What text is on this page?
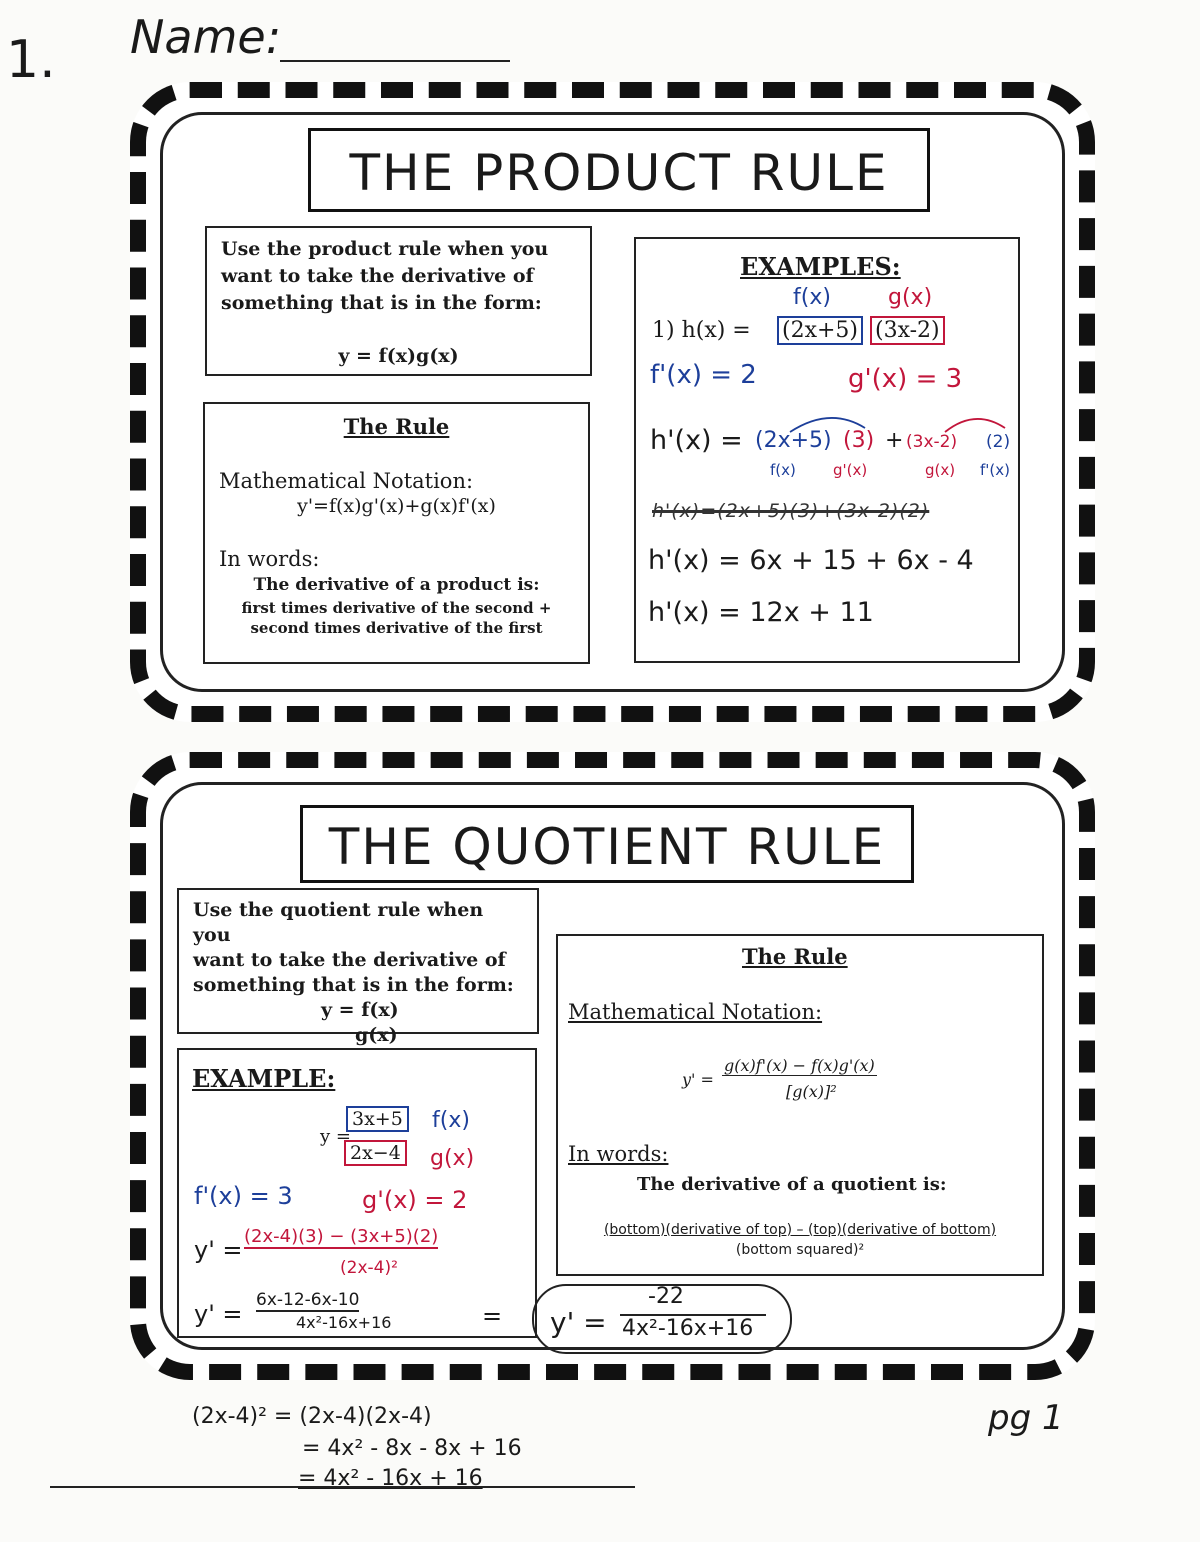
1. Name:
pg 1
THE PRODUCT RULE
Use the product rule when you
want to take the derivative of
something that is in the form:
y = f(x)g(x)
The Rule
Mathematical Notation:
y'=f(x)g'(x)+g(x)f'(x)
In words:
The derivative of a product is:
first times derivative of the second +
second times derivative of the first
EXAMPLES:
f(x)	g(x)
1) h(x) = (2x+5) (3x-2)
f'(x) = 2	g'(x) = 3
h'(x) = (2x+5) (3) + (3x-2) (2)
f(x) g'(x)	g(x) f'(x)
h'(x)=(2x+5)(3)+(3x-2)(2)
h'(x) = 6x + 15 + 6x - 4
h'(x) = 12x + 11
THE QUOTIENT RULE
Use the quotient rule when you
want to take the derivative of
something that is in the form:
y = f(x)
g(x)
EXAMPLE:
y =
3x+5
2x−4
f(x)
g(x)
f'(x) = 3	g'(x) = 2
y' = (2x-4)(3) − (3x+5)(2)
(2x-4)²
y' = 6x-12-6x-10
4x²-16x+16	= y' =
-22
4x²-16x+16
The Rule
Mathematical Notation:
y' =
g(x)f'(x) − f(x)g'(x)
[g(x)]²
In words:
The derivative of a quotient is:
(bottom)(derivative of top) – (top)(derivative of bottom)
(bottom squared)²
(2x-4)² = (2x-4)(2x-4)
= 4x² - 8x - 8x + 16
= 4x² - 16x + 16
